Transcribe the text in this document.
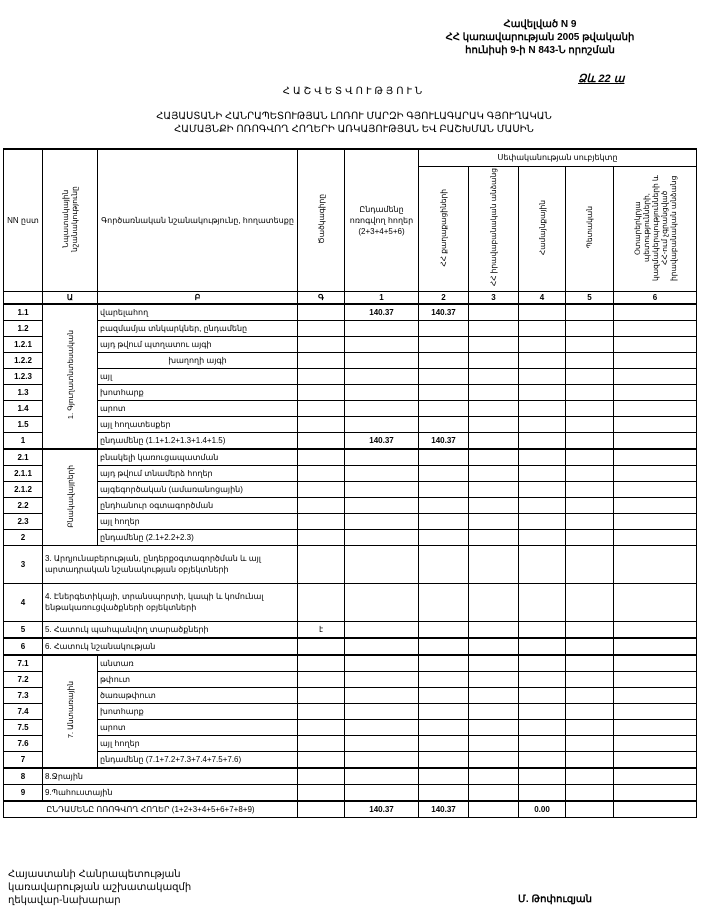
Հավելված N 9
ՀՀ կառավարության 2005 թվականի
հունիսի 9-ի N 843-Ն որոշման
Ձև 22 ա
ՀԱՇՎԵՏՎՈՒԹՅՈՒՆ
ՀԱՅԱՍՏԱՆԻ ՀԱՆՐԱՊԵՏՈՒԹՅԱՆ ԼՈՌՈՒ ՄԱՐԶԻ ԳՅՈՒԼԱԳԱՐԱԿ ԳՅՈՒՂԱԿԱՆ
ՀԱՄԱՅՆՔԻ ՈՌՈԳՎՈՂ ՀՈՂԵՐԻ ԱՌԿԱՅՈՒԹՅԱՆ ԵՎ ԲԱՇԽՄԱՆ ՄԱՍԻՆ
NN ըստ	Նպատակային նշանակությունը	Գործառնական նշանակությունը, հողատեսքը	Ծածկագիրը	Ընդամենը ոռոգվող հողեր (2+3+4+5+6)	Սեփականության սուբյեկտը				
					ՀՀ քաղաքացիների	ՀՀ իրավաբանական անձանց	Համայնքային	Պետական	Օտարերկրյա պետությունների, կազմակերպությունների և ՀՀ-ում չգրանցված իրավաբանական անձանց
	Ա	Բ	Գ	1	2	3	4	5	6
1.1	1. Գյուղատնտեսական	վարելահող		140.37	140.37				
1.2		բազմամյա տնկարկներ, ընդամենը							
1.2.1		այդ թվում պտղատու այգի							
1.2.2		խաղողի այգի							
1.2.3		այլ							
1.3		խոտհարք							
1.4		արոտ							
1.5		այլ հողատեսքեր							
1		ընդամենը (1.1+1.2+1.3+1.4+1.5)		140.37	140.37				
2.1	Բնակավայրերի	բնակելի կառուցապատման							
2.1.1		այդ թվում տնամերձ հողեր							
2.1.2		այգեգործական (ամառանոցային)							
2.2		ընդհանուր օգտագործման							
2.3		այլ հողեր							
2		ընդամենը (2.1+2.2+2.3)							
3	3. Արդյունաբերության, ընդերքօգտագործման և այլ արտադրական նշանակության օբյեկտների								
4	4. Էներգետիկայի, տրանսպորտի, կապի և կոմունալ ենթակառուցվածքների օբյեկտների								
5	5. Հատուկ պահպանվող տարածքների		է						
6	6. Հատուկ նշանակության								
7.1	7. Անտառային	անտառ							
7.2		թփուտ							
7.3		ծառաթփուտ							
7.4		խոտհարք							
7.5		արոտ							
7.6		այլ հողեր							
7		ընդամենը (7.1+7.2+7.3+7.4+7.5+7.6)							
8	8.Ջրային								
9	9.Պահուստային								
ԸՆԴԱՄԵՆԸ ՈՌՈԳՎՈՂ ՀՈՂԵՐ (1+2+3+4+5+6+7+8+9)				140.37	140.37		0.00		
Հայաստանի Հանրապետության
կառավարության աշխատակազմի
ղեկավար-նախարար	Մ. Թոփուզյան
